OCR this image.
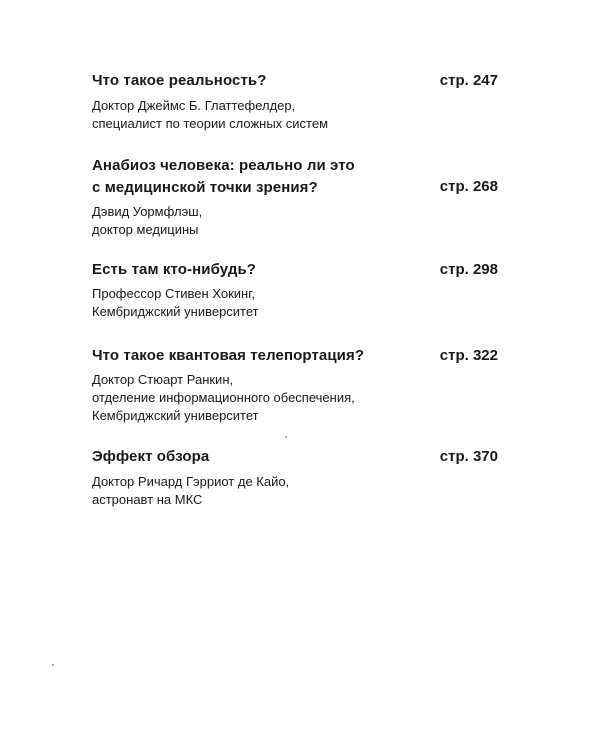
Что такое реальность?	стр. 247
Доктор Джеймс Б. Глаттефелдер,
специалист по теории сложных систем
Анабиоз человека: реально ли это
с медицинской точки зрения?	стр. 268
Дэвид Уормфлэш,
доктор медицины
Есть там кто-нибудь?	стр. 298
Профессор Стивен Хокинг,
Кембриджский университет
Что такое квантовая телепортация?	стр. 322
Доктор Стюарт Ранкин,
отделение информационного обеспечения,
Кембриджский университет
Эффект обзора	стр. 370
Доктор Ричард Гэрриот де Кайо,
астронавт на МКС
